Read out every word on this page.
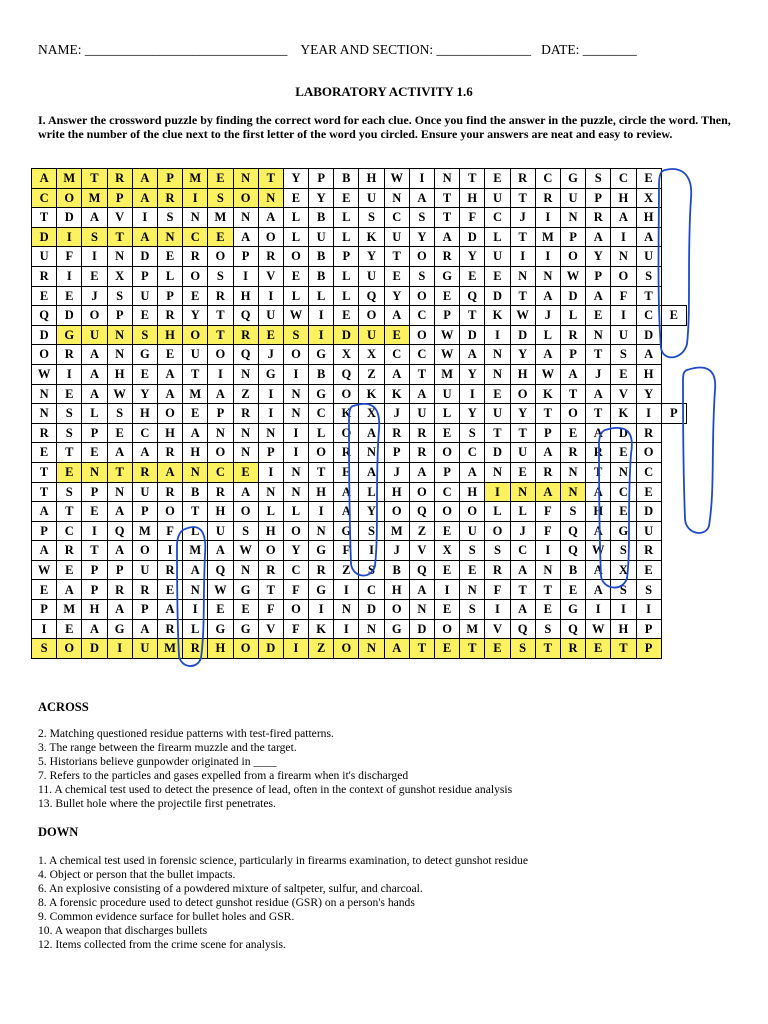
NAME: ______________________________ YEAR AND SECTION: ______________ DATE: ________
LABORATORY ACTIVITY 1.6
I. Answer the crossword puzzle by finding the correct word for each clue. Once you find the answer in the puzzle, circle the word. Then, write the number of the clue next to the first letter of the word you circled. Ensure your answers are neat and easy to review.
A	M	T	R	A	P	M	E	N	T	Y	P	B	H	W	I	N	T	E	R	C	G	S	C	E	
C	O	M	P	A	R	I	S	O	N	E	Y	E	U	N	A	T	H	U	T	R	U	P	H	X	
T	D	A	V	I	S	N	M	N	A	L	B	L	S	C	S	T	F	C	J	I	N	R	A	H	
D	I	S	T	A	N	C	E	A	O	L	U	L	K	U	Y	A	D	L	T	M	P	A	I	A	
U	F	I	N	D	E	R	O	P	R	O	B	P	Y	T	O	R	Y	U	I	I	O	Y	N	U	
R	I	E	X	P	L	O	S	I	V	E	B	L	U	E	S	G	E	E	N	N	W	P	O	S	
E	E	J	S	U	P	E	R	H	I	L	L	L	Q	Y	O	E	Q	D	T	A	D	A	F	T	
Q	D	O	P	E	R	Y	T	Q	U	W	I	E	O	A	C	P	T	K	W	J	L	E	I	C	E
D	G	U	N	S	H	O	T	R	E	S	I	D	U	E	O	W	D	I	D	L	R	N	U	D	
O	R	A	N	G	E	U	O	Q	J	O	G	X	X	C	C	W	A	N	Y	A	P	T	S	A	
W	I	A	H	E	A	T	I	N	G	I	B	Q	Z	A	T	M	Y	N	H	W	A	J	E	H	
N	E	A	W	Y	A	M	A	Z	I	N	G	O	K	K	A	U	I	E	O	K	T	A	V	Y	
N	S	L	S	H	O	E	P	R	I	N	C	K	X	J	U	L	Y	U	Y	T	O	T	K	I	P
R	S	P	E	C	H	A	N	N	N	I	L	O	A	R	R	E	S	T	T	P	E	A	D	R	
E	T	E	A	A	R	H	O	N	P	I	O	R	N	P	R	O	C	D	U	A	R	R	E	O	
T	E	N	T	R	A	N	C	E	I	N	T	E	A	J	A	P	A	N	E	R	N	T	N	C	
T	S	P	N	U	R	B	R	A	N	N	H	A	L	H	O	C	H	I	N	A	N	A	C	E	
A	T	E	A	P	O	T	H	O	L	L	I	A	Y	O	Q	O	O	L	L	F	S	H	E	D	
P	C	I	Q	M	F	L	U	S	H	O	N	G	S	M	Z	E	U	O	J	F	Q	A	G	U	
A	R	T	A	O	I	M	A	W	O	Y	G	F	I	J	V	X	S	S	C	I	Q	W	S	R	
W	E	P	P	U	R	A	Q	N	R	C	R	Z	S	B	Q	E	E	R	A	N	B	A	X	E	
E	A	P	R	R	E	N	W	G	T	F	G	I	C	H	A	I	N	F	T	T	E	A	S	S	
P	M	H	A	P	A	I	E	E	F	O	I	N	D	O	N	E	S	I	A	E	G	I	I	I	
I	E	A	G	A	R	L	G	G	V	F	K	I	N	G	D	O	M	V	Q	S	Q	W	H	P	
S	O	D	I	U	M	R	H	O	D	I	Z	O	N	A	T	E	T	E	S	T	R	E	T	P	
ACROSS
2. Matching questioned residue patterns with test-fired patterns.
3. The range between the firearm muzzle and the target.
5. Historians believe gunpowder originated in ____
7. Refers to the particles and gases expelled from a firearm when it's discharged
11. A chemical test used to detect the presence of lead, often in the context of gunshot residue analysis
13. Bullet hole where the projectile first penetrates.
DOWN
1. A chemical test used in forensic science, particularly in firearms examination, to detect gunshot residue
4. Object or person that the bullet impacts.
6. An explosive consisting of a powdered mixture of saltpeter, sulfur, and charcoal.
8. A forensic procedure used to detect gunshot residue (GSR) on a person's hands
9. Common evidence surface for bullet holes and GSR.
10. A weapon that discharges bullets
12. Items collected from the crime scene for analysis.
